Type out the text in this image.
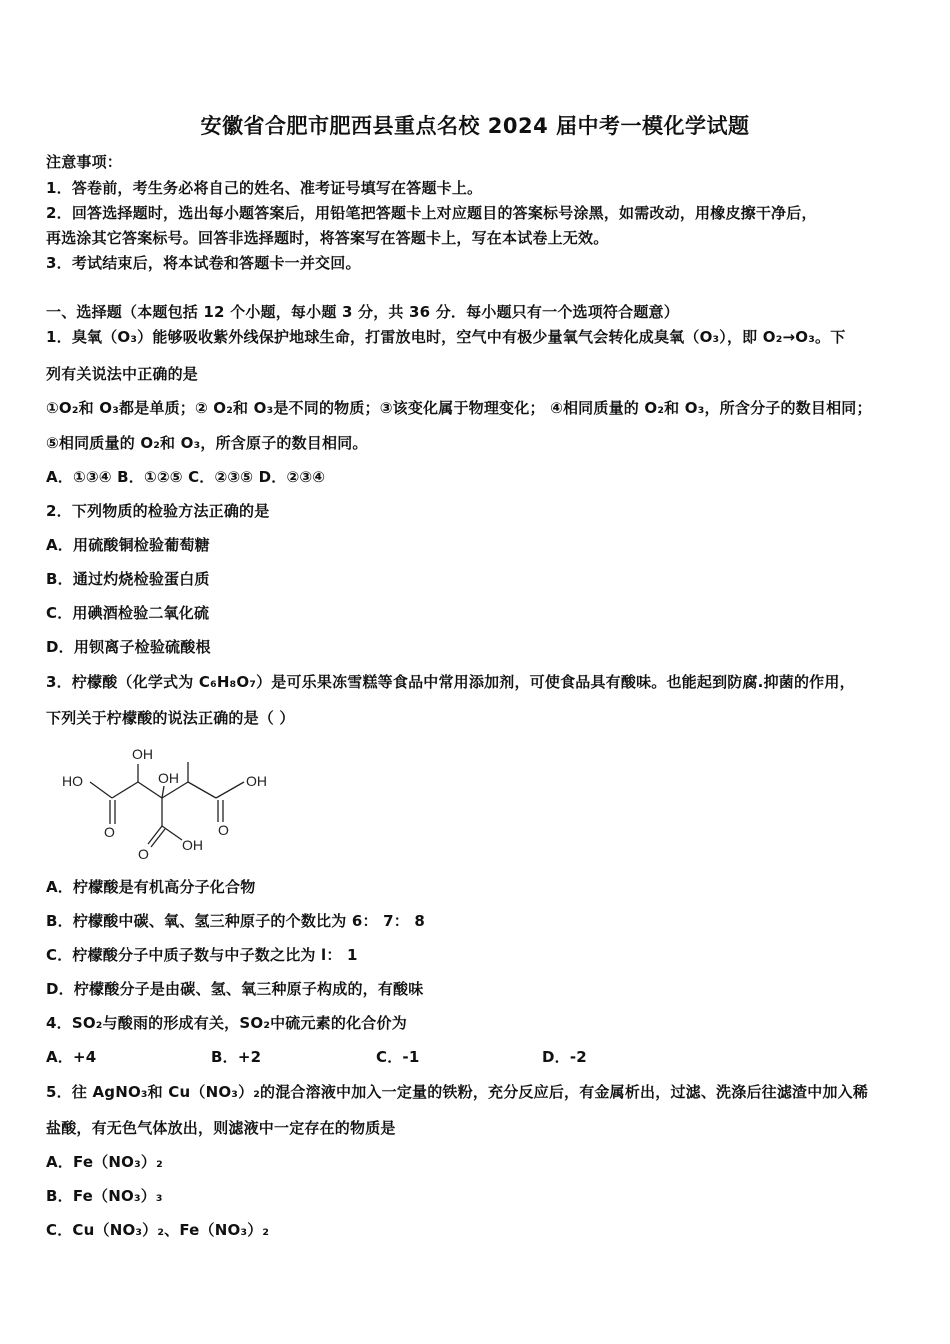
安徽省合肥市肥西县重点名校 2024 届中考一模化学试题
注意事项：
1．答卷前，考生务必将自己的姓名、准考证号填写在答题卡上。
2．回答选择题时，选出每小题答案后，用铅笔把答题卡上对应题目的答案标号涂黑，如需改动，用橡皮擦干净后，
再选涂其它答案标号。回答非选择题时，将答案写在答题卡上，写在本试卷上无效。
3．考试结束后，将本试卷和答题卡一并交回。
一、选择题（本题包括 12 个小题，每小题 3 分，共 36 分．每小题只有一个选项符合题意）
1．臭氧（O₃）能够吸收紫外线保护地球生命，打雷放电时，空气中有极少量氧气会转化成臭氧（O₃），即 O₂→O₃。下
列有关说法中正确的是
①O₂和 O₃都是单质；② O₂和 O₃是不同的物质；③该变化属于物理变化； ④相同质量的 O₂和 O₃，所含分子的数目相同；
⑤相同质量的 O₂和 O₃，所含原子的数目相同。
A．①③④ B．①②⑤ C．②③⑤ D．②③④
2．下列物质的检验方法正确的是
A．用硫酸铜检验葡萄糖
B．通过灼烧检验蛋白质
C．用碘酒检验二氧化硫
D．用钡离子检验硫酸根
3．柠檬酸（化学式为 C₆H₈O₇）是可乐果冻雪糕等食品中常用添加剂，可使食品具有酸味。也能起到防腐.抑菌的作用，
下列关于柠檬酸的说法正确的是（ ）
OH
HO	OH	OH
O	O
O
OH
A．柠檬酸是有机高分子化合物
B．柠檬酸中碳、氧、氢三种原子的个数比为 6： 7： 8
C．柠檬酸分子中质子数与中子数之比为 l： 1
D．柠檬酸分子是由碳、氢、氧三种原子构成的，有酸味
4．SO₂与酸雨的形成有关，SO₂中硫元素的化合价为
A．+4	B．+2	C．-1	D．-2
5．往 AgNO₃和 Cu（NO₃）₂的混合溶液中加入一定量的铁粉，充分反应后，有金属析出，过滤、洗涤后往滤渣中加入稀
盐酸，有无色气体放出，则滤液中一定存在的物质是
A．Fe（NO₃）₂
B．Fe（NO₃）₃
C．Cu（NO₃）₂、Fe（NO₃）₂
